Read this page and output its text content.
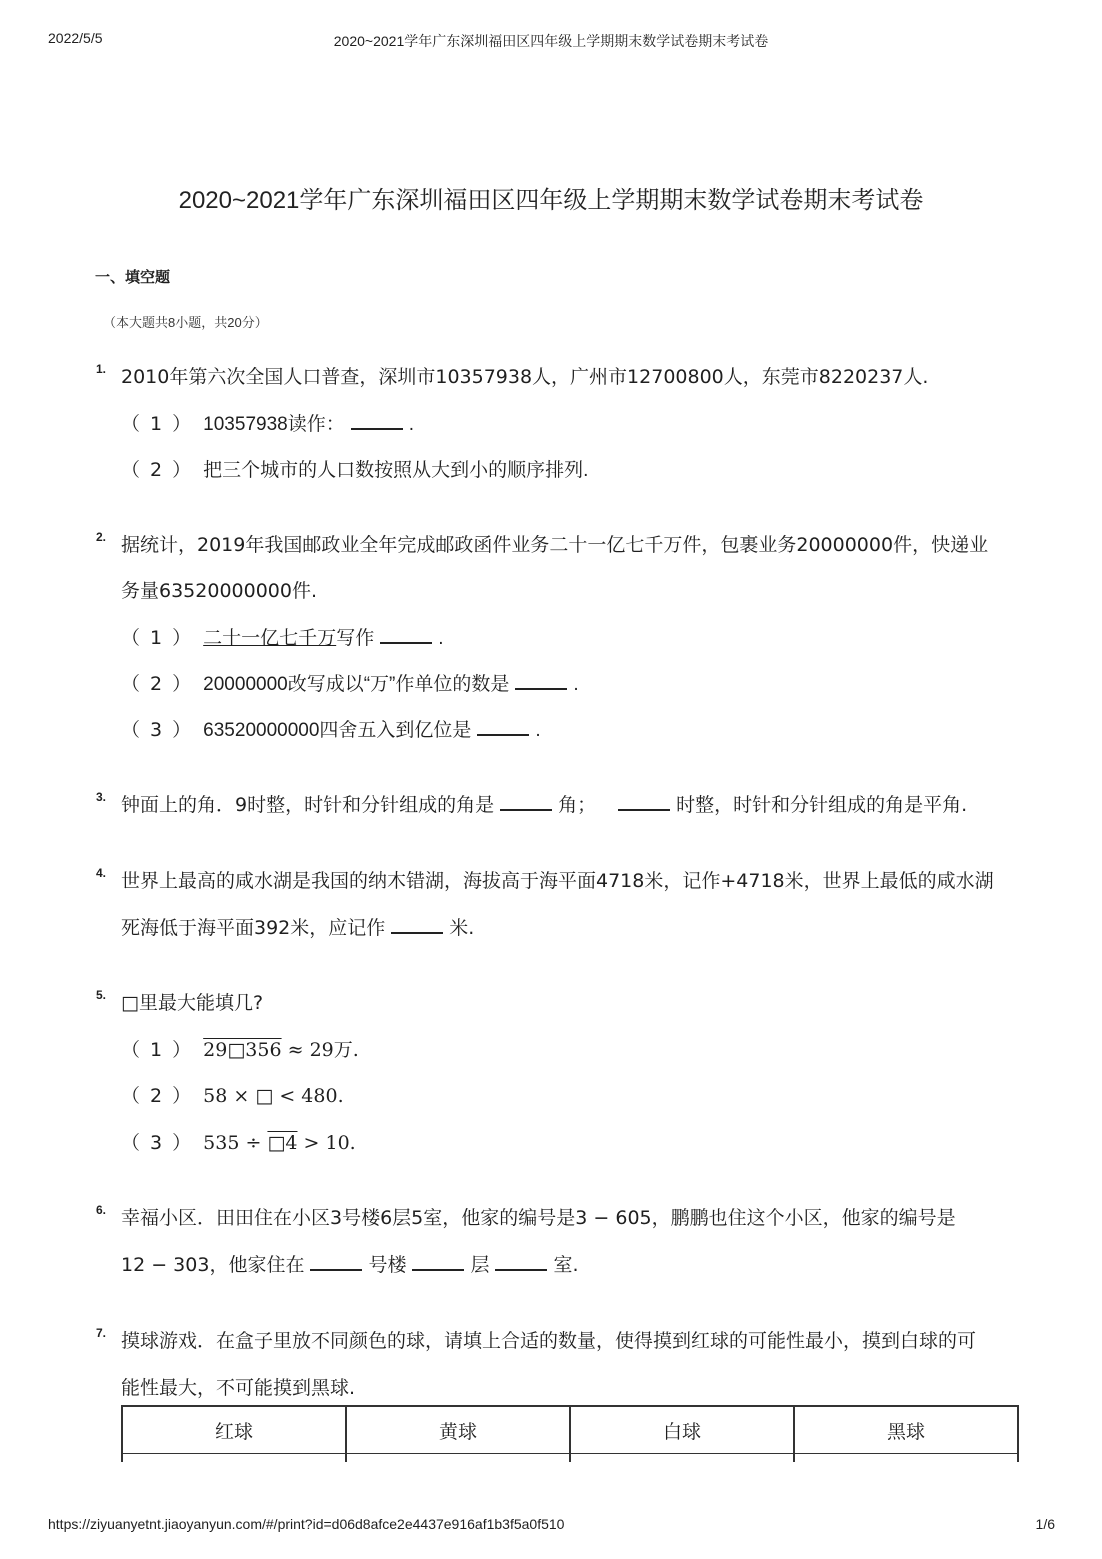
2022/5/5	2020~2021学年广东深圳福田区四年级上学期期末数学试卷期末考试卷
2020~2021学年广东深圳福田区四年级上学期期末数学试卷期末考试卷
一、填空题
（本大题共8小题，共20分）
1. 2010年第六次全国人口普查，深圳市10357938人，广州市12700800人，东莞市8220237人.
（ 1 ） 10357938读作：	.
（ 2 ） 把三个城市的人口数按照从大到小的顺序排列.
2. 据统计，2019年我国邮政业全年完成邮政函件业务二十一亿七千万件，包裹业务20000000件，快递业
务量63520000000件.
（ 1 ） 二十一亿七千万写作	.
（ 2 ） 20000000改写成以“万”作单位的数是	.
（ 3 ） 63520000000四舍五入到亿位是	.
3. 钟面上的角．9时整，时针和分针组成的角是	角；	时整，时针和分针组成的角是平角.
4. 世界上最高的咸水湖是我国的纳木错湖，海拔高于海平面4718米，记作+4718米，世界上最低的咸水湖
死海低于海平面392米，应记作	米.
5. □里最大能填几?
（ 1 ） 29□356 ≈ 29万.
（ 2 ） 58 × □ < 480.
（ 3 ） 535 ÷ □4 > 10.
6. 幸福小区．田田住在小区3号楼6层5室，他家的编号是3 − 605，鹏鹏也住这个小区，他家的编号是
12 − 303，他家住在	号楼	层	室.
7. 摸球游戏．在盒子里放不同颜色的球，请填上合适的数量，使得摸到红球的可能性最小，摸到白球的可
能性最大，不可能摸到黑球.
红球	黄球	白球	黑球

https://ziyuanyetnt.jiaoyanyun.com/#/print?id=d06d8afce2e4437e916af1b3f5a0f510	1/6
